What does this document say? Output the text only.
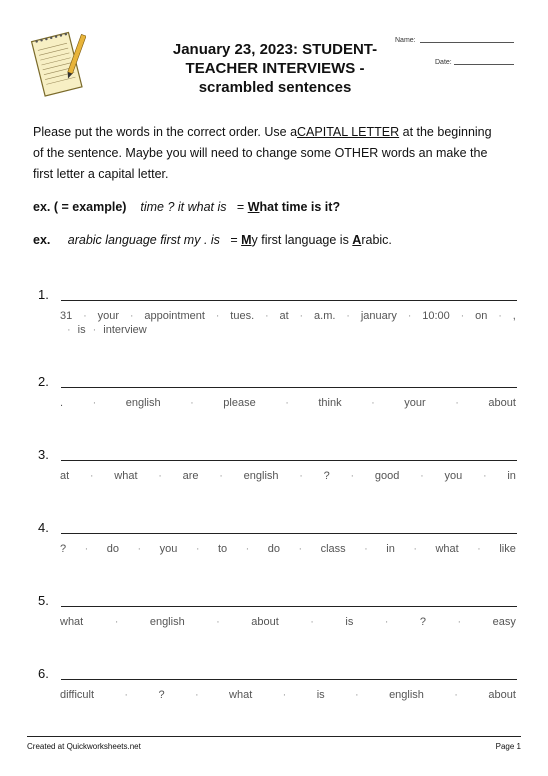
January 23, 2023: STUDENT-
TEACHER INTERVIEWS -
scrambled sentences
Name:
Date:
Please put the words in the correct order. Use aCAPITAL LETTER at the beginning
of the sentence. Maybe you will need to change some OTHER words an make the
first letter a capital letter.
ex. ( = example) time ? it what is = What time is it?
ex. arabic language first my . is = My first language is Arabic.
1.
31 · your · appointment · tues. · at · a.m. · january · 10:00 · on · ,
· is · interview
2.
.	·	english	·	please	·	think	·	your	·	about
3.
at · what · are · english · ? · good · you · in
4.
? · do · you · to · do · class · in · what · like
5.
what	·	english	·	about	·	is	·	?	·	easy
6.
difficult	·	?	·	what	·	is	·	english	·	about
Created at Quickworksheets.net	Page 1
